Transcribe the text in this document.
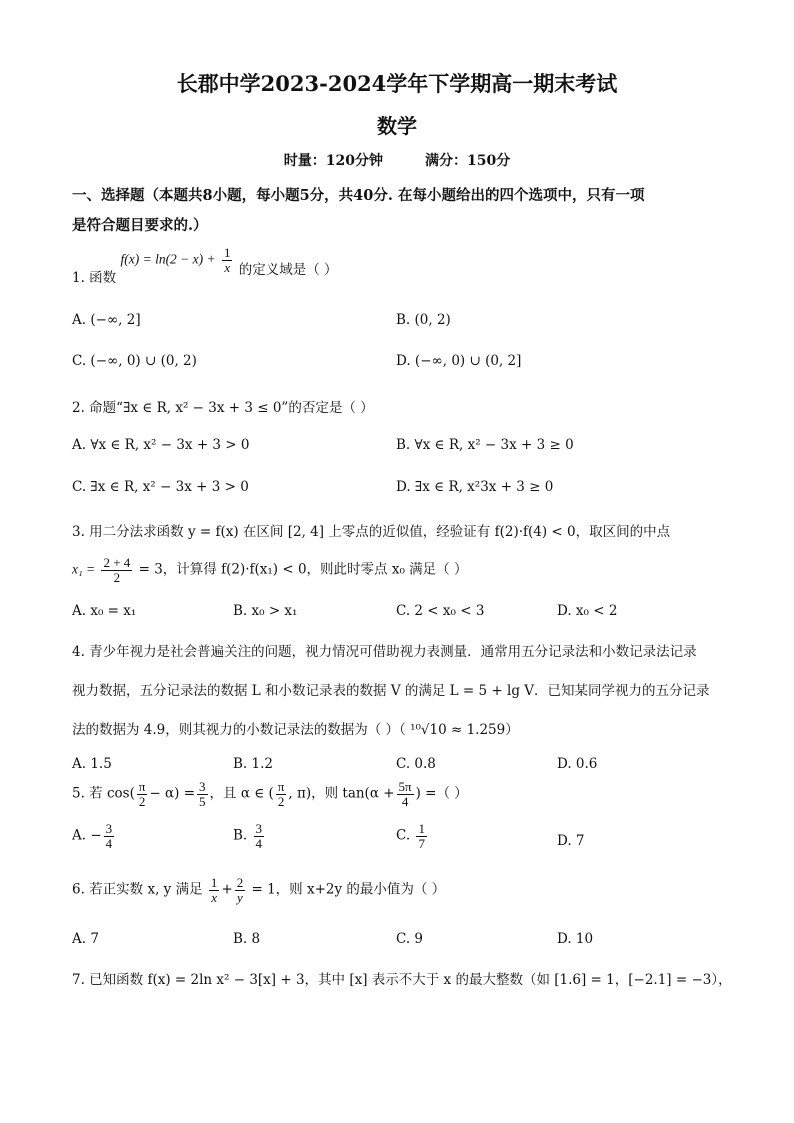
长郡中学2023-2024学年下学期高一期末考试
数学
时量：120分钟	满分：150分
一、选择题（本题共8小题，每小题5分，共40分. 在每小题给出的四个选项中，只有一项
是符合题目要求的.）
1. 函数 $f(x) = \ln(2 - x) + \frac{1}{x}$ 的定义域是（ ）
A. (−∞, 2]	B. (0, 2)
C. (−∞, 0) ∪ (0, 2)	D. (−∞, 0) ∪ (0, 2]
2. 命题“∃x ∈ R, x² − 3x + 3 ≤ 0”的否定是（ ）
A. ∀x ∈ R, x² − 3x + 3 > 0	B. ∀x ∈ R, x² − 3x + 3 ≥ 0
C. ∃x ∈ R, x² − 3x + 3 > 0	D. ∃x ∈ R, x²3x + 3 ≥ 0
3. 用二分法求函数 y = f(x) 在区间 [2, 4] 上零点的近似值，经验证有 f(2)·f(4) < 0，取区间的中点
$x_1 = \frac{2 + 4}{2} = 3$，计算得 f(2)·f(x₁) < 0，则此时零点 x₀ 满足（ ）
A. x₀ = x₁	B. x₀ > x₁	C. 2 < x₀ < 3	D. x₀ < 2
4. 青少年视力是社会普遍关注的问题，视力情况可借助视力表测量．通常用五分记录法和小数记录法记录
视力数据，五分记录法的数据 L 和小数记录表的数据 V 的满足 L = 5 + lg V．已知某同学视力的五分记录
法的数据为 4.9，则其视力的小数记录法的数据为（ ）（ ¹⁰√10 ≈ 1.259）
A. 1.5	B. 1.2	C. 0.8	D. 0.6
5. 若 $\cos( \frac{\pi}{2} - \alpha) = \frac{3}{5}$ ，且 α ∈ ( $\frac{\pi}{2}$ , π)，则 $\tan(\alpha + \frac{5\pi}{4}$ ) =（ ）
A. − $\frac{3}{4}$	B. $\frac{3}{4}$	C. $\frac{1}{7}$	D. 7
6. 若正实数 x, y 满足 $\frac{1}{x} + \frac{2}{y} = 1$，则 x+2y 的最小值为（ ）
A. 7	B. 8	C. 9	D. 10
7. 已知函数 f(x) = 2ln x² − 3[x] + 3，其中 [x] 表示不大于 x 的最大整数（如 [1.6] = 1，[−2.1] = −3），
